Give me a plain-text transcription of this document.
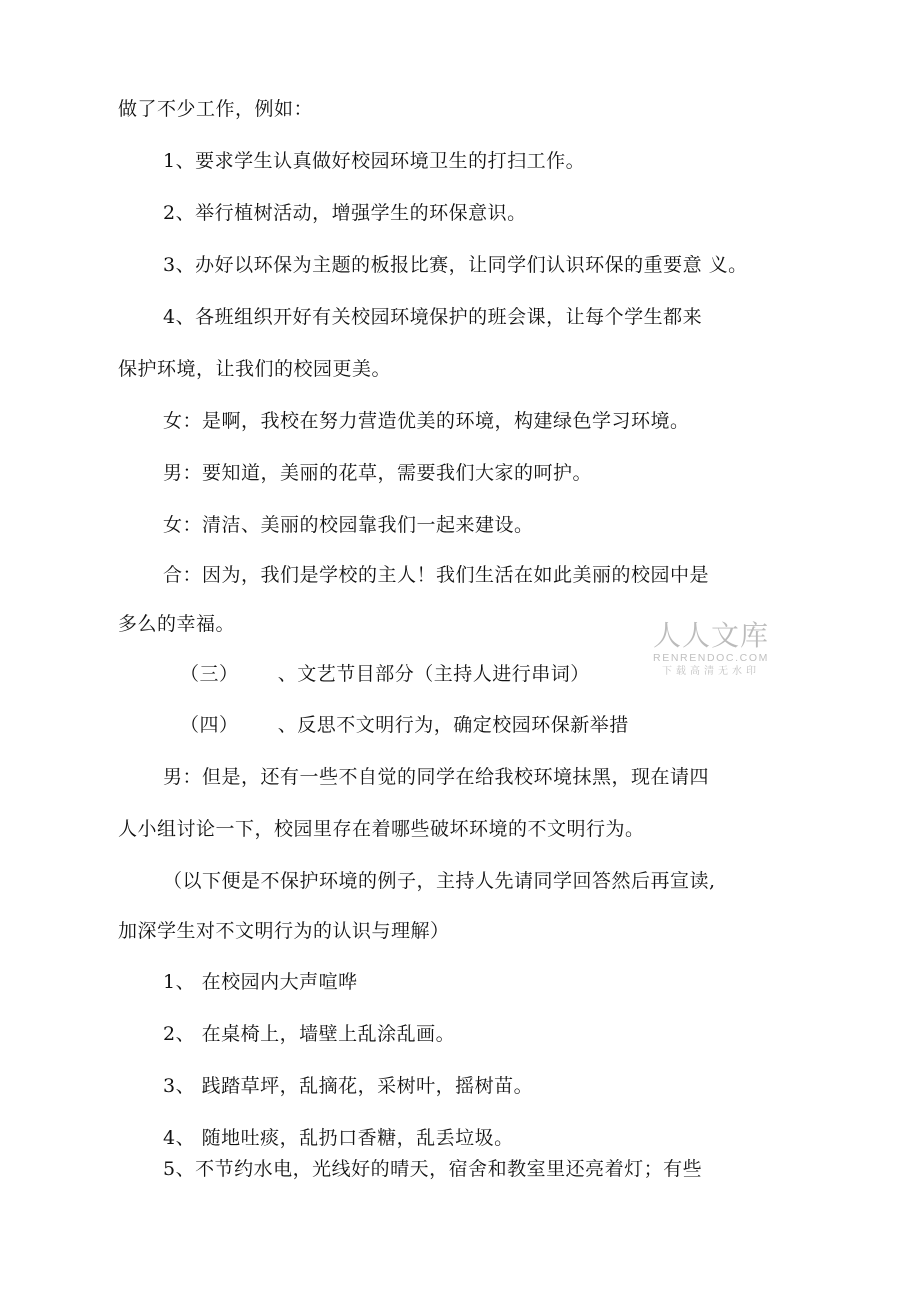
做了不少工作，例如：
1、要求学生认真做好校园环境卫生的打扫工作。
2、举行植树活动，增强学生的环保意识。
3、办好以环保为主题的板报比赛，让同学们认识环保的重要意 义。
4、各班组织开好有关校园环境保护的班会课，让每个学生都来
保护环境，让我们的校园更美。
女：是啊，我校在努力营造优美的环境，构建绿色学习环境。
男：要知道，美丽的花草，需要我们大家的呵护。
女：清洁、美丽的校园靠我们一起来建设。
合：因为，我们是学校的主人！我们生活在如此美丽的校园中是
多么的幸福。
（三）      、文艺节目部分（主持人进行串词）
（四）      、反思不文明行为，确定校园环保新举措
男：但是，还有一些不自觉的同学在给我校环境抹黑，现在请四
人小组讨论一下，校园里存在着哪些破坏环境的不文明行为。
（以下便是不保护环境的例子，主持人先请同学回答然后再宣读,
加深学生对不文明行为的认识与理解）
1、 在校园内大声喧哗
2、 在桌椅上，墙壁上乱涂乱画。
3、 践踏草坪，乱摘花，采树叶，摇树苗。
4、 随地吐痰，乱扔口香糖，乱丢垃圾。
5、不节约水电，光线好的晴天，宿舍和教室里还亮着灯；有些
人人文库
RENRENDOC.COM
下载高清无水印
